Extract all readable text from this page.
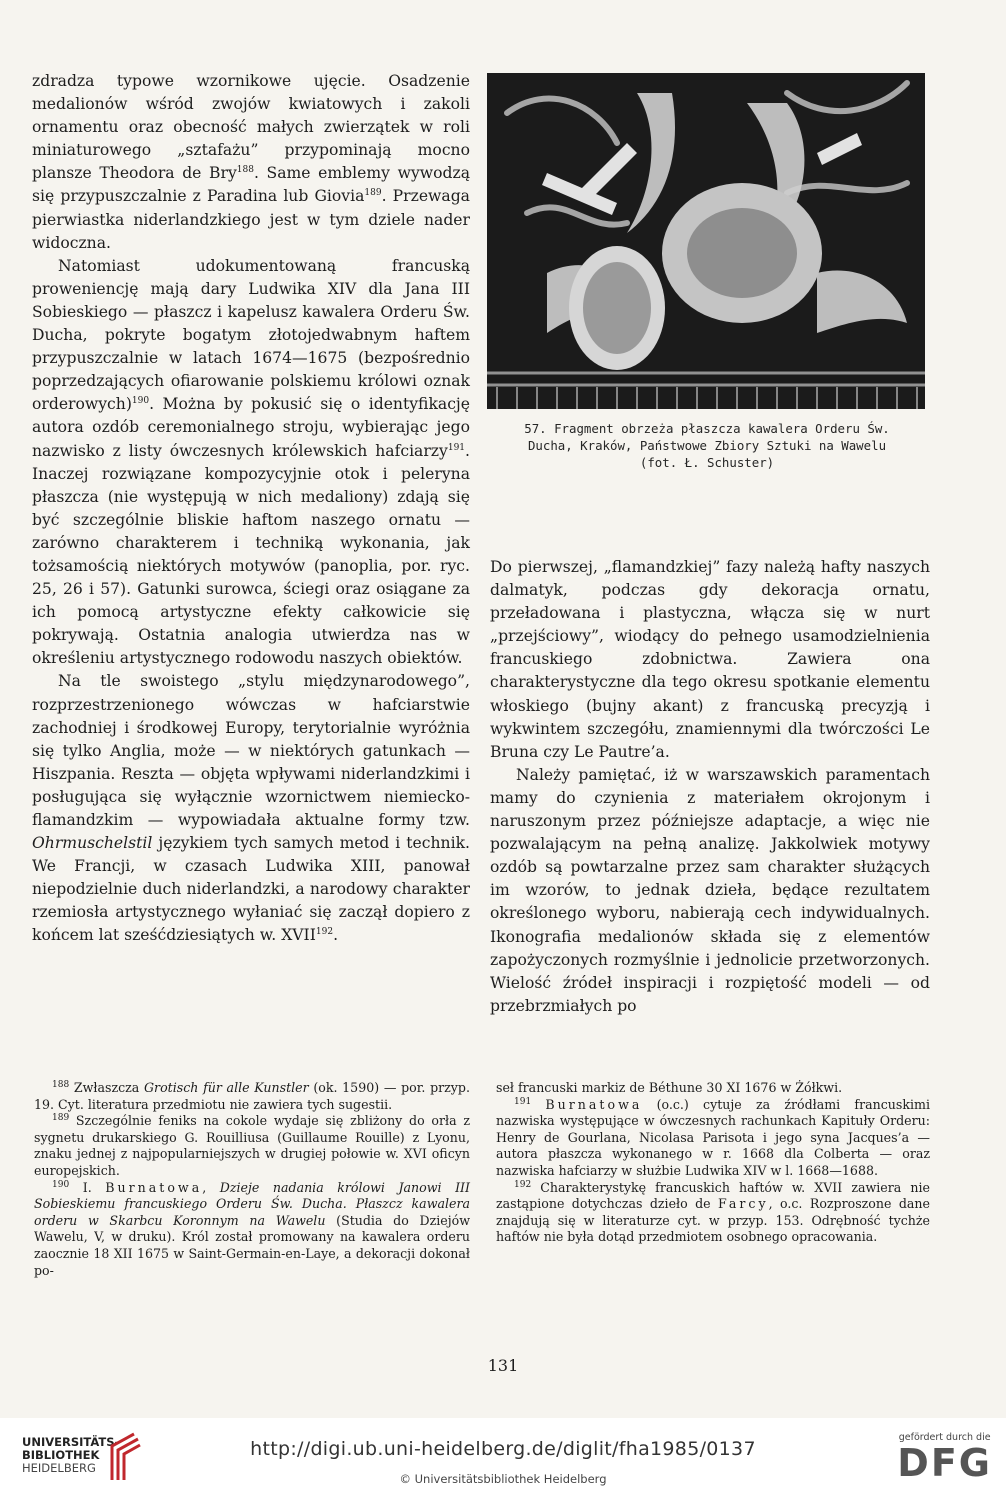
zdradza typowe wzornikowe ujęcie. Osadzenie medalionów wśród zwojów kwiatowych i zakoli ornamentu oraz obecność małych zwierzątek w roli miniaturowego „sztafażu” przypominają mocno plansze Theodora de Bry$^{188}$. Same emblemy wywodzą się przypuszczalnie z Paradina lub Giovia$^{189}$. Przewaga pierwiastka niderlandzkiego jest w tym dziele nader widoczna.

Natomiast udokumentowaną francuską proweniencję mają dary Ludwika XIV dla Jana III Sobieskiego — płaszcz i kapelusz kawalera Orderu Św. Ducha, pokryte bogatym złotojedwabnym haftem przypuszczalnie w latach 1674—1675 (bezpośrednio poprzedzających ofiarowanie polskiemu królowi oznak orderowych)$^{190}$. Można by pokusić się o identyfikację autora ozdób ceremonialnego stroju, wybierając jego nazwisko z listy ówczesnych królewskich hafciarzy$^{191}$. Inaczej rozwiązane kompozycyjnie otok i peleryna płaszcza (nie występują w nich medaliony) zdają się być szczególnie bliskie haftom naszego ornatu — zarówno charakterem i techniką wykonania, jak tożsamością niektórych motywów (panoplia, por. ryc. 25, 26 i 57). Gatunki surowca, ściegi oraz osiągane za ich pomocą artystyczne efekty całkowicie się pokrywają. Ostatnia analogia utwierdza nas w określeniu artystycznego rodowodu naszych obiektów.

Na tle swoistego „stylu międzynarodowego”, rozprzestrzenionego wówczas w hafciarstwie zachodniej i środkowej Europy, terytorialnie wyróżnia się tylko Anglia, może — w niektórych gatunkach — Hiszpania. Reszta — objęta wpływami niderlandzkimi i posługująca się wyłącznie wzornictwem niemiecko-flamandzkim — wypowiadała aktualne formy tzw. Ohrmuschelstil językiem tych samych metod i technik. We Francji, w czasach Ludwika XIII, panował niepodzielnie duch niderlandzki, a narodowy charakter rzemiosła artystycznego wyłaniać się zaczął dopiero z końcem lat sześćdziesiątych w. XVII$^{192}$.

57. Fragment obrzeża płaszcza kawalera Orderu Św.
Ducha, Kraków, Państwowe Zbiory Sztuki na Wawelu
(fot. Ł. Schuster)

Do pierwszej, „flamandzkiej” fazy należą hafty naszych dalmatyk, podczas gdy dekoracja ornatu, przeładowana i plastyczna, włącza się w nurt „przejściowy”, wiodący do pełnego usamodzielnienia francuskiego zdobnictwa. Zawiera ona charakterystyczne dla tego okresu spotkanie elementu włoskiego (bujny akant) z francuską precyzją i wykwintem szczegółu, znamiennymi dla twórczości Le Bruna czy Le Pautre’a.

Należy pamiętać, iż w warszawskich paramentach mamy do czynienia z materiałem okrojonym i naruszonym przez późniejsze adaptacje, a więc nie pozwalającym na pełną analizę. Jakkolwiek motywy ozdób są powtarzalne przez sam charakter służących im wzorów, to jednak dzieła, będące rezultatem określonego wyboru, nabierają cech indywidualnych. Ikonografia medalionów składa się z elementów zapożyczonych rozmyślnie i jednolicie przetworzonych. Wielość źródeł inspiracji i rozpiętość modeli — od przebrzmiałych po

$^{188}$ Zwłaszcza Grotisch für alle Kunstler (ok. 1590) — por. przyp. 19. Cyt. literatura przedmiotu nie zawiera tych sugestii.

$^{189}$ Szczególnie feniks na cokole wydaje się zbliżony do orła z sygnetu drukarskiego G. Rouilliusa (Guillaume Rouille) z Lyonu, znaku jednej z najpopularniejszych w drugiej połowie w. XVI oficyn europejskich.

$^{190}$ I. Burnatowa, Dzieje nadania królowi Janowi III Sobieskiemu francuskiego Orderu Św. Ducha. Płaszcz kawalera orderu w Skarbcu Koronnym na Wawelu (Studia do Dziejów Wawelu, V, w druku). Król został promowany na kawalera orderu zaocznie 18 XII 1675 w Saint-Germain-en-Laye, a dekoracji dokonał po-

seł francuski markiz de Béthune 30 XI 1676 w Żółkwi.

$^{191}$ Burnatowa (o.c.) cytuje za źródłami francuskimi nazwiska występujące w ówczesnych rachunkach Kapituły Orderu: Henry de Gourlana, Nicolasa Parisota i jego syna Jacques’a — autora płaszcza wykonanego w r. 1668 dla Colberta — oraz nazwiska hafciarzy w służbie Ludwika XIV w l. 1668—1688.

$^{192}$ Charakterystykę francuskich haftów w. XVII zawiera nie zastąpione dotychczas dzieło de Farcy, o.c. Rozproszone dane znajdują się w literaturze cyt. w przyp. 153. Odrębność tychże haftów nie była dotąd przedmiotem osobnego opracowania.

131
UNIVERSITÄTS-
BIBLIOTHEK
HEIDELBERG
http://digi.ub.uni-heidelberg.de/diglit/fha1985/0137
© Universitätsbibliothek Heidelberg
gefördert durch die
DFG
